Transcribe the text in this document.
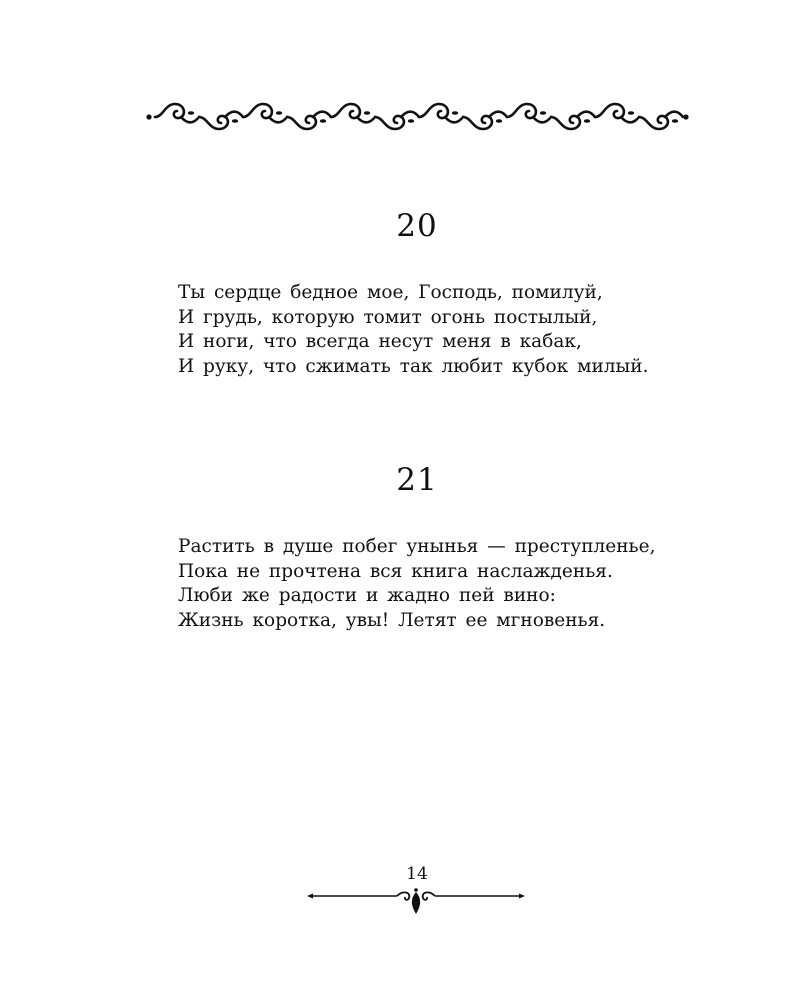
20
Ты сердце бедное мое, Господь, помилуй,
И грудь, которую томит огонь постылый,
И ноги, что всегда несут меня в кабак,
И руку, что сжимать так любит кубок милый.
21
Растить в душе побег унынья — преступленье,
Пока не прочтена вся книга наслажденья.
Люби же радости и жадно пей вино:
Жизнь коротка, увы! Летят ее мгновенья.
14
